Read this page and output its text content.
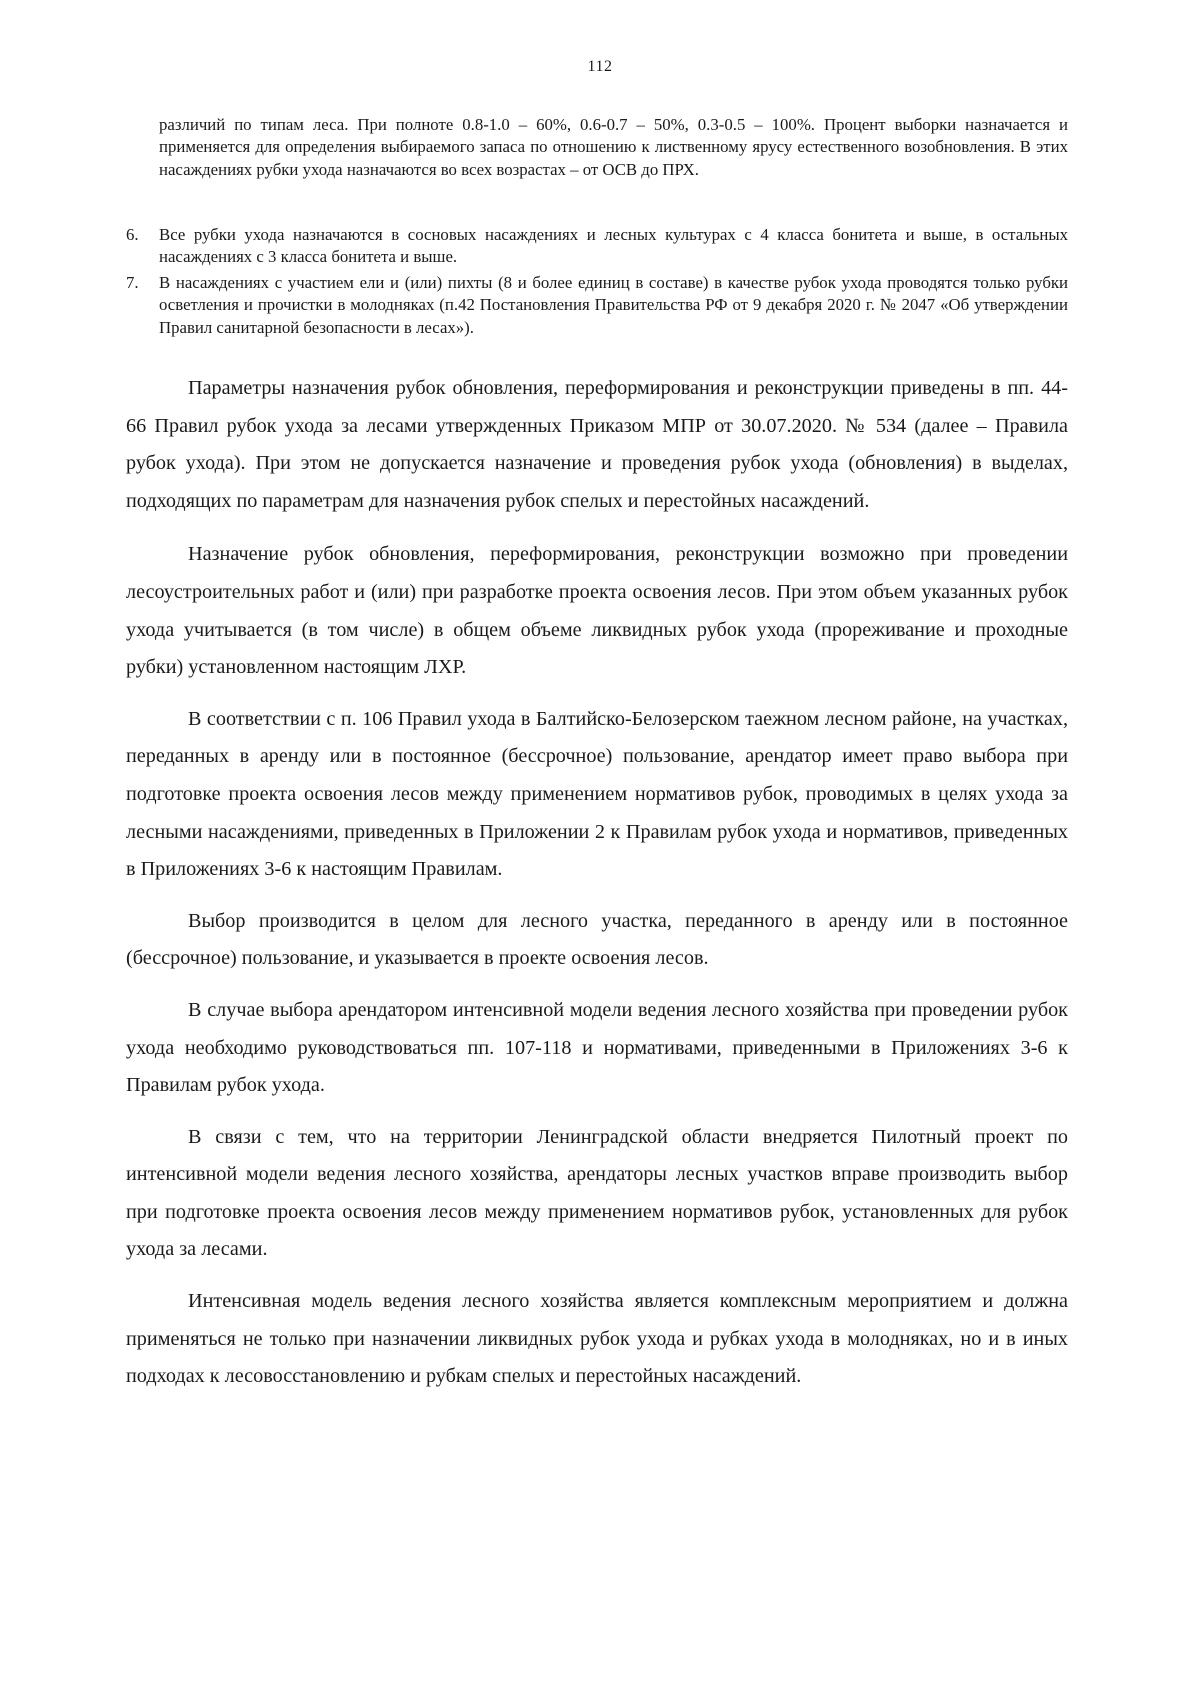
112
различий по типам леса. При полноте 0.8-1.0 – 60%, 0.6-0.7 – 50%, 0.3-0.5 – 100%. Процент выборки назначается и применяется для определения выбираемого запаса по отношению к лиственному ярусу естественного возобновления. В этих насаждениях рубки ухода назначаются во всех возрастах – от ОСВ до ПРХ.
6.	Все рубки ухода назначаются в сосновых насаждениях и лесных культурах с 4 класса бонитета и выше, в остальных насаждениях с 3 класса бонитета и выше.
7.	В насаждениях с участием ели и (или) пихты (8 и более единиц в составе) в качестве рубок ухода проводятся только рубки осветления и прочистки в молодняках (п.42 Постановления Правительства РФ от 9 декабря 2020 г. № 2047 «Об утверждении Правил санитарной безопасности в лесах»).

Параметры назначения рубок обновления, переформирования и реконструкции приведены в пп. 44-66 Правил рубок ухода за лесами утвержденных Приказом МПР от 30.07.2020. № 534 (далее – Правила рубок ухода). При этом не допускается назначение и проведения рубок ухода (обновления) в выделах, подходящих по параметрам для назначения рубок спелых и перестойных насаждений.

Назначение рубок обновления, переформирования, реконструкции возможно при проведении лесоустроительных работ и (или) при разработке проекта освоения лесов. При этом объем указанных рубок ухода учитывается (в том числе) в общем объеме ликвидных рубок ухода (прореживание и проходные рубки) установленном настоящим ЛХР.

В соответствии с п. 106 Правил ухода в Балтийско-Белозерском таежном лесном районе, на участках, переданных в аренду или в постоянное (бессрочное) пользование, арендатор имеет право выбора при подготовке проекта освоения лесов между применением нормативов рубок, проводимых в целях ухода за лесными насаждениями, приведенных в Приложении 2 к Правилам рубок ухода и нормативов, приведенных в Приложениях 3-6 к настоящим Правилам.

Выбор производится в целом для лесного участка, переданного в аренду или в постоянное (бессрочное) пользование, и указывается в проекте освоения лесов.

В случае выбора арендатором интенсивной модели ведения лесного хозяйства при проведении рубок ухода необходимо руководствоваться пп. 107-118 и нормативами, приведенными в Приложениях 3-6 к Правилам рубок ухода.

В связи с тем, что на территории Ленинградской области внедряется Пилотный проект по интенсивной модели ведения лесного хозяйства, арендаторы лесных участков вправе производить выбор при подготовке проекта освоения лесов между применением нормативов рубок, установленных для рубок ухода за лесами.

Интенсивная модель ведения лесного хозяйства является комплексным мероприятием и должна применяться не только при назначении ликвидных рубок ухода и рубках ухода в молодняках, но и в иных подходах к лесовосстановлению и рубкам спелых и перестойных насаждений.
